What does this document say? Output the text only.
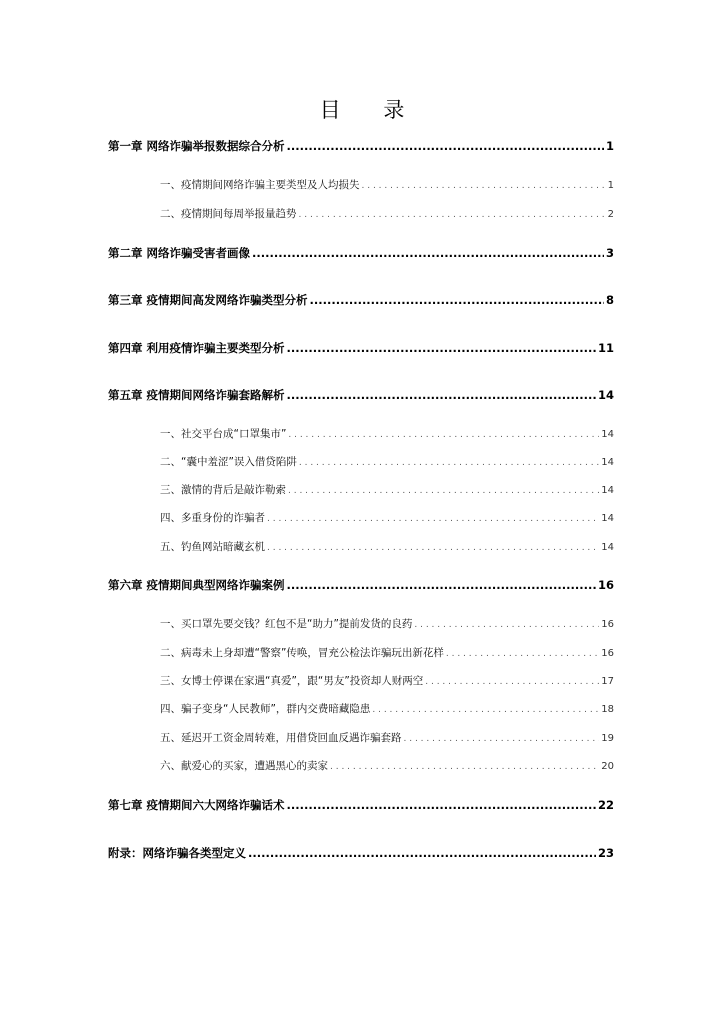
目 录
第一章 网络诈骗举报数据综合分析 .....	1
一、疫情期间网络诈骗主要类型及人均损失 . . .	1
二、疫情期间每周举报量趋势 . . .	2
第二章 网络诈骗受害者画像 .....	3
第三章 疫情期间高发网络诈骗类型分析 .....	8
第四章 利用疫情诈骗主要类型分析 .....	11
第五章 疫情期间网络诈骗套路解析 .....	14
一、社交平台成“口罩集市” . . .	14
二、“囊中羞涩”误入借贷陷阱 . . .	14
三、激情的背后是敲诈勒索 . . .	14
四、多重身份的诈骗者 . . .	14
五、钓鱼网站暗藏玄机 . . .	14
第六章 疫情期间典型网络诈骗案例 .....	16
一、买口罩先要交钱？红包不是“助力”提前发货的良药 . . .	16
二、病毒未上身却遭“警察”传唤，冒充公检法诈骗玩出新花样 . . .	16
三、女博士停课在家遇“真爱”，跟“男友”投资却人财两空 . . .	17
四、骗子变身“人民教师”，群内交费暗藏隐患 . . .	18
五、延迟开工资金周转难，用借贷回血反遇诈骗套路 . . .	19
六、献爱心的买家，遭遇黑心的卖家 . . .	20
第七章 疫情期间六大网络诈骗话术 .....	22
附录：网络诈骗各类型定义 .....	23
